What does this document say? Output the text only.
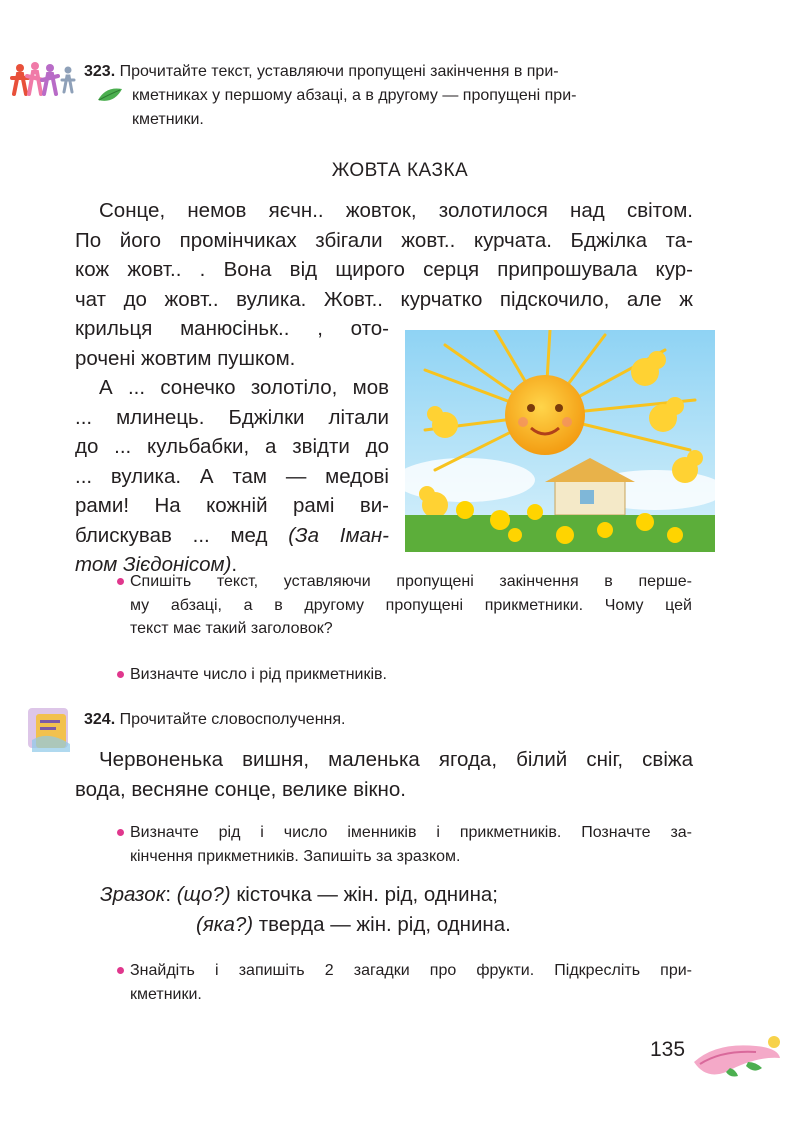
323. Прочитайте текст, уставляючи пропущені закінчення в при-
кметниках у першому абзаці, а в другому — пропущені при-
кметники.
ЖОВТА КАЗКА

Сонце, немов яєчн.. жовток, золотилося над світом.

По його промінчиках збігали жовт.. курчата. Бджілка та-

кож жовт.. . Вона від щирого серця припрошувала кур-

чат до жовт.. вулика. Жовт.. курчатко підскочило, але ж

крильця манюсіньк.. , ото-

рочені жовтим пушком.

А ... сонечко золотіло, мов

... млинець. Бджілки літали

до ... кульбабки, а звідти до

... вулика. А там — медові

рами! На кожній рамі ви-

блискував ... мед (За Іман-

том Зієдонісом).

Спишіть текст, уставляючи пропущені закінчення в перше-
му абзаці, а в другому пропущені прикметники. Чому цей
текст має такий заголовок?
Визначте число і рід прикметників.
324. Прочитайте словосполучення.

Червоненька вишня, маленька ягода, білий сніг, свіжа

вода, весняне сонце, велике вікно.

Визначте рід і число іменників і прикметників. Позначте за-
кінчення прикметників. Запишіть за зразком.
Зразок: (що?) кісточка — жін. рід, однина;
(яка?) тверда — жін. рід, однина.
Знайдіть і запишіть 2 загадки про фрукти. Підкресліть при-
кметники.
135
